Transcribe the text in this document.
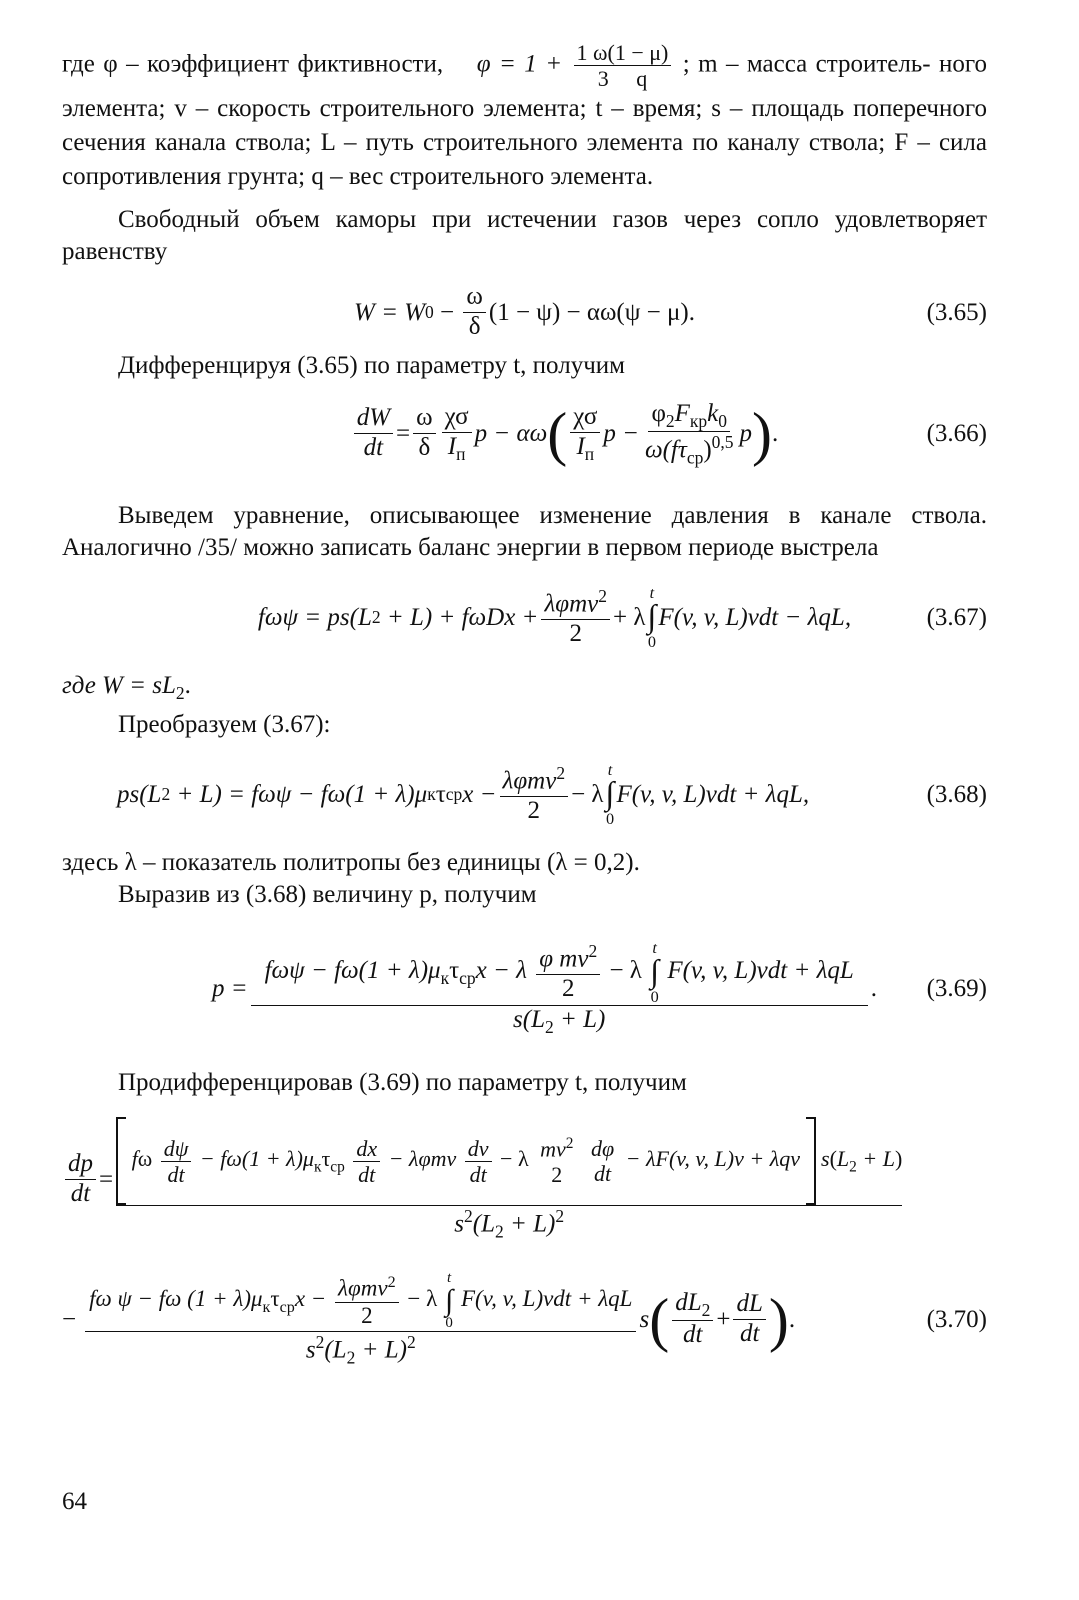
где φ – коэффициент фиктивности, $\varphi = 1 + \frac{1 \omega(1 - \mu)}{3 q}$ ; m – масса строитель- ного элемента; v – скорость строительного элемента; t – время; s – площадь поперечного сечения канала ствола; L – путь строительного элемента по каналу ствола; F – сила сопротивления грунта; q – вес строительного элемента.

Свободный объем каморы при истечении газов через сопло удовлетворяет равенству

W = W $0 - \frac{\omega}{\delta} (1 - \psi) - \alpha\omega(\psi - \mu)$.	(3.65)

Дифференцируя (3.65) по параметру t, получим

$\frac{dW}{dt} = \frac{\omega}{\delta} \frac{\chi\sigma}{I_п}$ p − αω ( $\frac{\chi\sigma}{I_п}$ $p - \frac{\varphi_2F_{кр}k_0}{\omega(f\tau_{ср})^{0,5}}$ p ) .	(3.66)

Выведем уравнение, описывающее изменение давления в канале ствола. Аналогично /35/ можно записать баланс энергии в первом периоде выстрела

fωψ = ps(L $2 + L) + f\omega Dx + \frac{\lambda\varphi mv^2}{2} + \lambda$
t
∫
0
F(v, v, L)vdt − λqL,	(3.67)

где $W = sL_2$.

Преобразуем (3.67):

ps(L 2 + L) = fωψ − fω(1 + λ)μ к τ ср $x - \frac{\lambda\varphi mv^2}{2} - \lambda$
t
∫
0
F(v, v, L)vdt + λqL,	(3.68)

здесь λ – показатель политропы без единицы (λ = 0,2).

Выразив из (3.68) величину p, получим

p =
$f\omega\psi - f\omega(1 + \lambda)\mu_к\tau_{ср}x - \lambda \frac{\varphi mv^2}{2} - \lambda$
t
∫
0
F(v, v, L)vdt + λqL
$s(L_2 + L)$
.	(3.69)

Продифференцировав (3.69) по параметру t, получим

$\frac{dp}{dt}$ =
fω $\frac{d\psi}{dt} - f\omega(1 + \lambda)\mu_к\tau_{ср} \frac{dx}{dt} - \lambda\varphi mv \frac{dv}{dt} - \lambda$ $mv^2$
2

dφ
dt
− λF(v, v, L)v + λqv $s(L_2 + L)$
$s^2(L_2 + L)^2$
−
fω ψ − fω $(1 + \lambda)\mu_к\tau_{ср}x - \frac{\lambda\varphi mv^2}{2} - \lambda$
t
∫
0
F(v, v, L)vdt + λqL
$s^2(L_2 + L)^2$
s ( $\frac{dL_2}{dt} + \frac{dL}{dt}$ ) .	(3.70)
64
